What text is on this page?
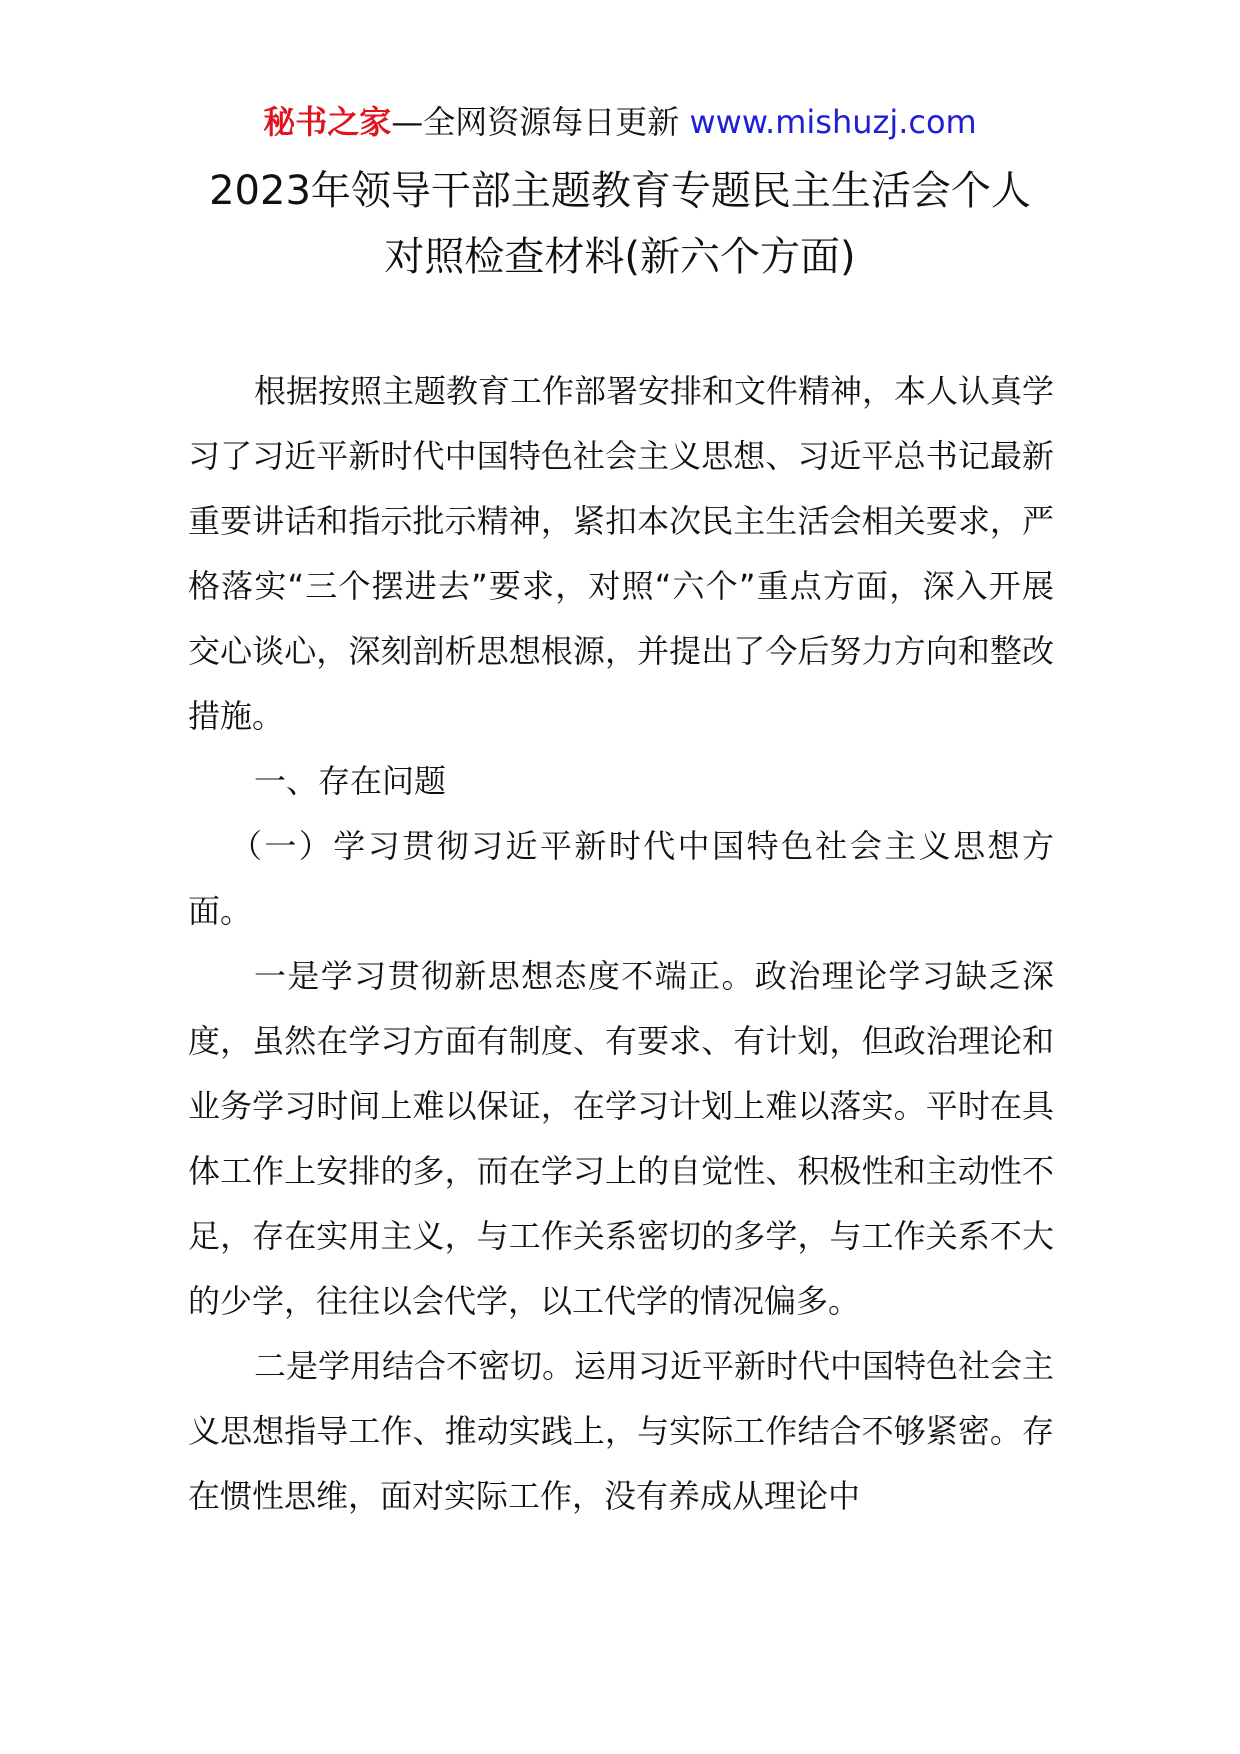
秘书之家—全网资源每日更新 www.mishuzj.com
2023年领导干部主题教育专题民主生活会个人
对照检查材料(新六个方面)

根据按照主题教育工作部署安排和文件精神，本人认真学习了习近平新时代中国特色社会主义思想、习近平总书记最新重要讲话和指示批示精神，紧扣本次民主生活会相关要求，严格落实“三个摆进去”要求，对照“六个”重点方面，深入开展交心谈心，深刻剖析思想根源，并提出了今后努力方向和整改措施。

一、存在问题

（一）学习贯彻习近平新时代中国特色社会主义思想方面。

一是学习贯彻新思想态度不端正。政治理论学习缺乏深度，虽然在学习方面有制度、有要求、有计划，但政治理论和业务学习时间上难以保证，在学习计划上难以落实。平时在具体工作上安排的多，而在学习上的自觉性、积极性和主动性不足，存在实用主义，与工作关系密切的多学，与工作关系不大的少学，往往以会代学，以工代学的情况偏多。

二是学用结合不密切。运用习近平新时代中国特色社会主义思想指导工作、推动实践上，与实际工作结合不够紧密。存在惯性思维，面对实际工作，没有养成从理论中
